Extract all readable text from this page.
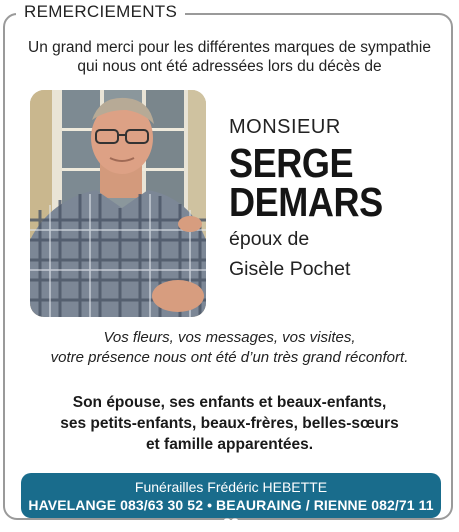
REMERCIEMENTS
Un grand merci pour les différentes marques de sympathie
qui nous ont été adressées lors du décès de
MONSIEUR
SERGE
DEMARS
époux de
Gisèle Pochet
Vos fleurs, vos messages, vos visites,
votre présence nous ont été d’un très grand réconfort.
Son épouse, ses enfants et beaux-enfants,
ses petits-enfants, beaux-frères, belles-sœurs
et famille apparentées.
Funérailles Frédéric HEBETTE
HAVELANGE 083/63 30 52 • BEAURAING / RIENNE 082/71 11 88
